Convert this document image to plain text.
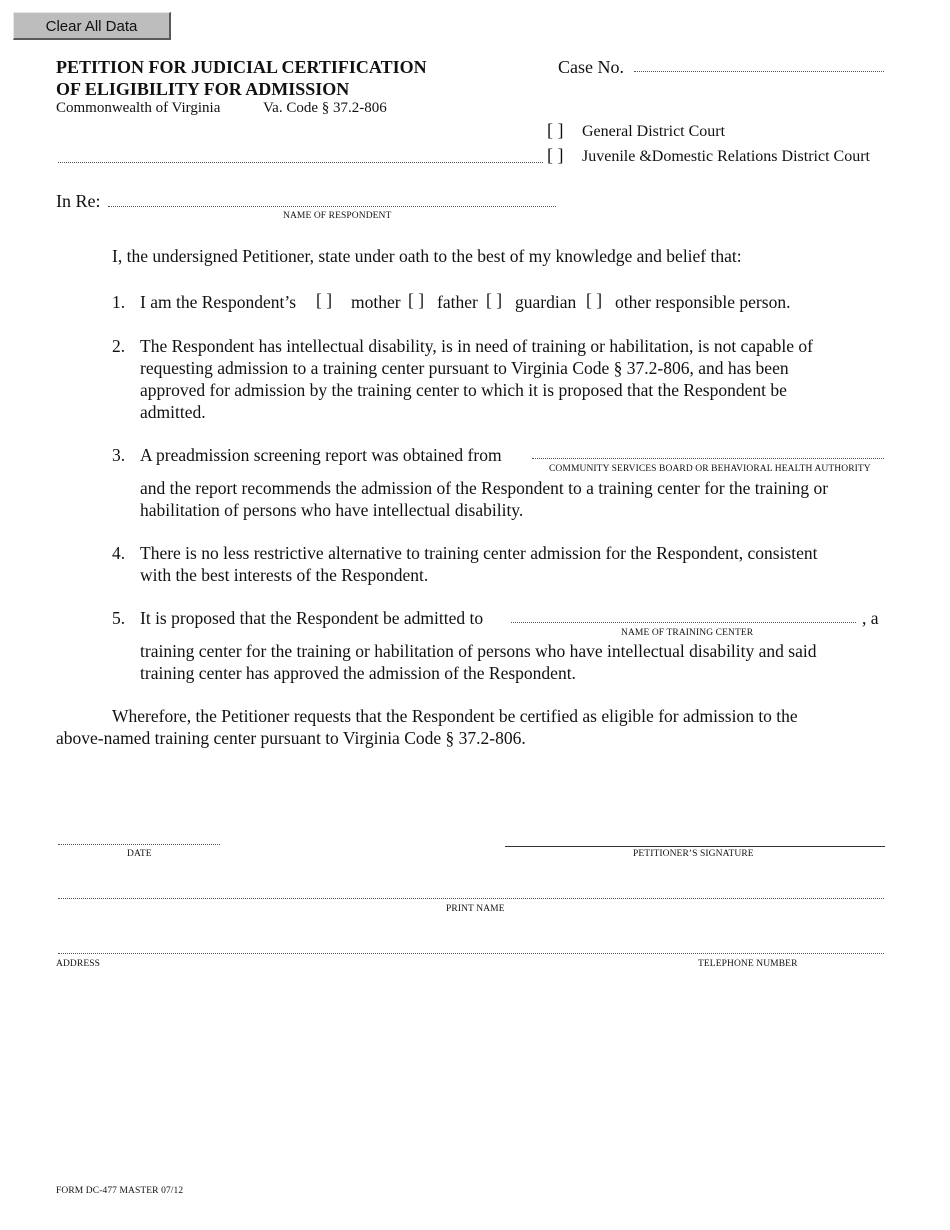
Clear All Data
PETITION FOR JUDICIAL CERTIFICATION
OF ELIGIBILITY FOR ADMISSION
Commonwealth of Virginia	Va. Code § 37.2-806
Case No.
[ ] General District Court
[ ] Juvenile &Domestic Relations District Court
In Re:
NAME OF RESPONDENT
I, the undersigned Petitioner, state under oath to the best of my knowledge and belief that:
1. I am the Respondent’s [ ] mother [ ] father [ ] guardian [ ] other responsible person.
2. The Respondent has intellectual disability, is in need of training or habilitation, is not capable of
requesting admission to a training center pursuant to Virginia Code § 37.2-806, and has been
approved for admission by the training center to which it is proposed that the Respondent be
admitted.
3. A preadmission screening report was obtained from
COMMUNITY SERVICES BOARD OR BEHAVIORAL HEALTH AUTHORITY
and the report recommends the admission of the Respondent to a training center for the training or
habilitation of persons who have intellectual disability.
4. There is no less restrictive alternative to training center admission for the Respondent, consistent
with the best interests of the Respondent.
5. It is proposed that the Respondent be admitted to	, a
NAME OF TRAINING CENTER
training center for the training or habilitation of persons who have intellectual disability and said
training center has approved the admission of the Respondent.
Wherefore, the Petitioner requests that the Respondent be certified as eligible for admission to the
above-named training center pursuant to Virginia Code § 37.2-806.
DATE	PETITIONER’S SIGNATURE
PRINT NAME
ADDRESS	TELEPHONE NUMBER
FORM DC-477 MASTER 07/12
